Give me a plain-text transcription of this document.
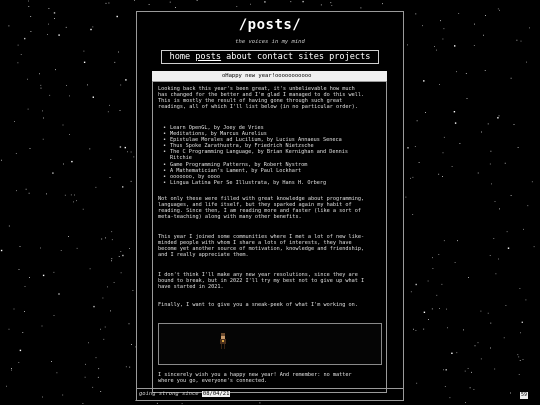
/posts/
the voices in my mind
home posts about contact sites projects
oHappy new year!ooooooooooo
Looking back this year's been great, it's unbelievable how much
has changed for the better and I'm glad I managed to do this well.
This is mostly the result of having gone through such great
readings, all of which I'll list below (in no particular order).
• Learn OpenGL, by Joey de Vries
• Meditations, by Marcus Aurelius
• Epistulae Morales ad Lucilium, by Lucius Annaeus Seneca
• Thus Spoke Zarathustra, by Friedrich Nietzsche
• The C Programming Language, by Brian Kernighan and Dennis
Ritchie
• Game Programming Patterns, by Robert Nystrom
• A Mathematician's Lament, by Paul Lockhart
• ooooooo, by oooo
• Lingua Latina Per Se Illustrata, by Hans H. Orberg
Not only these were filled with great knowledge about programming,
languages, and life itself, but they sparked again my habit of
reading. Since then, I am reading more and faster (like a sort of
meta-teaching) along with many other benefits.
This year I joined some communities where I met a lot of new like-
minded people with whom I share a lots of interests, they have
become yet another source of motivation, knowledge and friendship,
and I really appreciate them.
I don't think I'll make any new year resolutions, since they are
bound to break, but in 2022 I'll try my best not to give up what I
have started in 2021.
Finally, I want to give you a sneak-peek of what I'm working on.
I sincerely wish you a happy new year! And remember: no matter
where you go, everyone's connected.
going strong since 08/04/21	59
